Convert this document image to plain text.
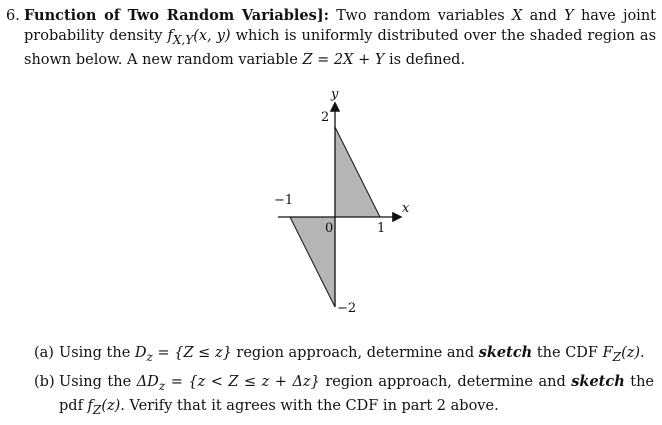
6. Function of Two Random Variables]: Two random variables X and Y have joint probability density $f_{X,Y}(x$, y) which is uniformly distributed over the shaded region as shown below. A new random variable Z = 2X + Y is defined.
y
x
2
−1
0	1
−2
(a) Using the $D_z = \{Z \le z\}$ region approach, determine and sketch the CDF $F_Z(z)$.
(b) Using the $\Delta D_z = \{z < Z \le z + \Delta z\}$ region approach, determine and sketch the pdf $f_Z(z)$. Verify that it agrees with the CDF in part 2 above.
